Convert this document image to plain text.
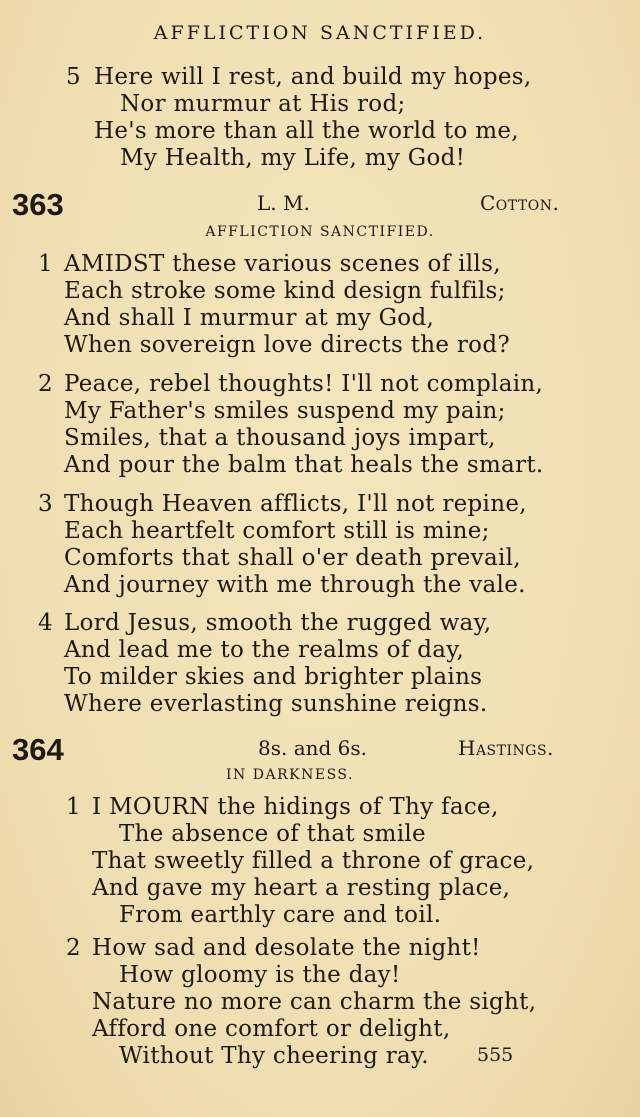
AFFLICTION SANCTIFIED.
5 Here will I rest, and build my hopes,
Nor murmur at His rod;
He's more than all the world to me,
My Health, my Life, my God!
363	L. M.	Cotton.
AFFLICTION SANCTIFIED.
1 AMIDST these various scenes of ills,
Each stroke some kind design fulfils;
And shall I murmur at my God,
When sovereign love directs the rod?
2 Peace, rebel thoughts! I'll not complain,
My Father's smiles suspend my pain;
Smiles, that a thousand joys impart,
And pour the balm that heals the smart.
3 Though Heaven afflicts, I'll not repine,
Each heartfelt comfort still is mine;
Comforts that shall o'er death prevail,
And journey with me through the vale.
4 Lord Jesus, smooth the rugged way,
And lead me to the realms of day,
To milder skies and brighter plains
Where everlasting sunshine reigns.
364	8s. and 6s.	Hastings.
IN DARKNESS.
1 I MOURN the hidings of Thy face,
The absence of that smile
That sweetly filled a throne of grace,
And gave my heart a resting place,
From earthly care and toil.
2 How sad and desolate the night!
How gloomy is the day!
Nature no more can charm the sight,
Afford one comfort or delight,
Without Thy cheering ray.	555
